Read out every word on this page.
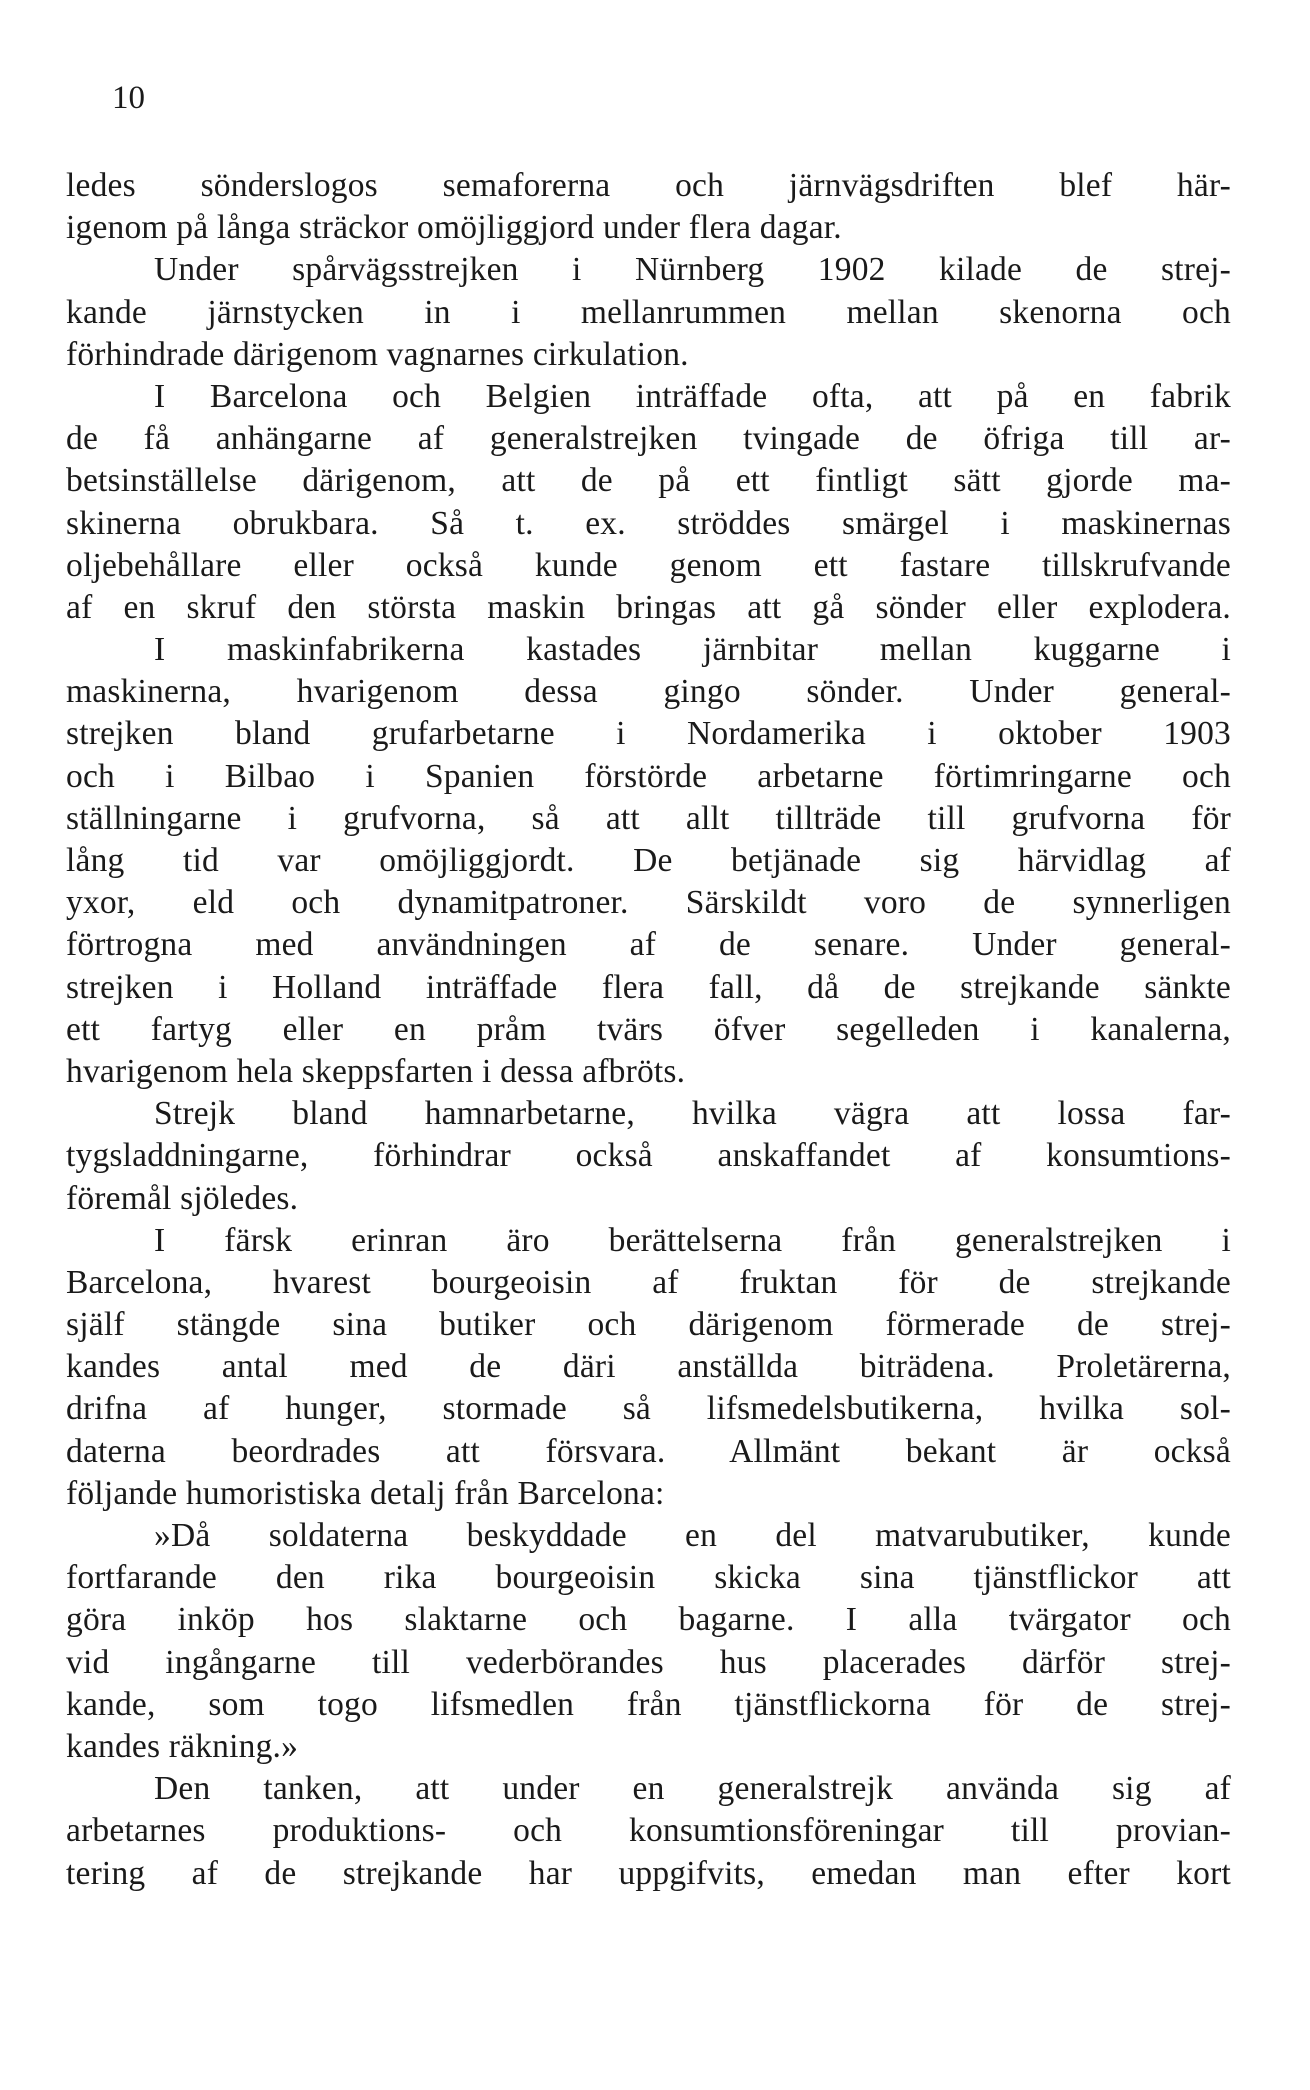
10
ledes sönderslogos semaforerna och järnvägsdriften blef här-
igenom på långa sträckor omöjliggjord under flera dagar.
Under spårvägsstrejken i Nürnberg 1902 kilade de strej-
kande järnstycken in i mellanrummen mellan skenorna och
förhindrade därigenom vagnarnes cirkulation.
I Barcelona och Belgien inträffade ofta, att på en fabrik
de få anhängarne af generalstrejken tvingade de öfriga till ar-
betsinställelse därigenom, att de på ett fintligt sätt gjorde ma-
skinerna obrukbara. Så t. ex. ströddes smärgel i maskinernas
oljebehållare eller också kunde genom ett fastare tillskrufvande
af en skruf den största maskin bringas att gå sönder eller explodera.
I maskinfabrikerna kastades järnbitar mellan kuggarne i
maskinerna, hvarigenom dessa gingo sönder. Under general-
strejken bland grufarbetarne i Nordamerika i oktober 1903
och i Bilbao i Spanien förstörde arbetarne förtimringarne och
ställningarne i grufvorna, så att allt tillträde till grufvorna för
lång tid var omöjliggjordt. De betjänade sig härvidlag af
yxor, eld och dynamitpatroner. Särskildt voro de synnerligen
förtrogna med användningen af de senare. Under general-
strejken i Holland inträffade flera fall, då de strejkande sänkte
ett fartyg eller en pråm tvärs öfver segelleden i kanalerna,
hvarigenom hela skeppsfarten i dessa afbröts.
Strejk bland hamnarbetarne, hvilka vägra att lossa far-
tygsladdningarne, förhindrar också anskaffandet af konsumtions-
föremål sjöledes.
I färsk erinran äro berättelserna från generalstrejken i
Barcelona, hvarest bourgeoisin af fruktan för de strejkande
själf stängde sina butiker och därigenom förmerade de strej-
kandes antal med de däri anställda biträdena. Proletärerna,
drifna af hunger, stormade så lifsmedelsbutikerna, hvilka sol-
daterna beordrades att försvara. Allmänt bekant är också
följande humoristiska detalj från Barcelona:
»Då soldaterna beskyddade en del matvarubutiker, kunde
fortfarande den rika bourgeoisin skicka sina tjänstflickor att
göra inköp hos slaktarne och bagarne. I alla tvärgator och
vid ingångarne till vederbörandes hus placerades därför strej-
kande, som togo lifsmedlen från tjänstflickorna för de strej-
kandes räkning.»
Den tanken, att under en generalstrejk använda sig af
arbetarnes produktions- och konsumtionsföreningar till provian-
tering af de strejkande har uppgifvits, emedan man efter kort
